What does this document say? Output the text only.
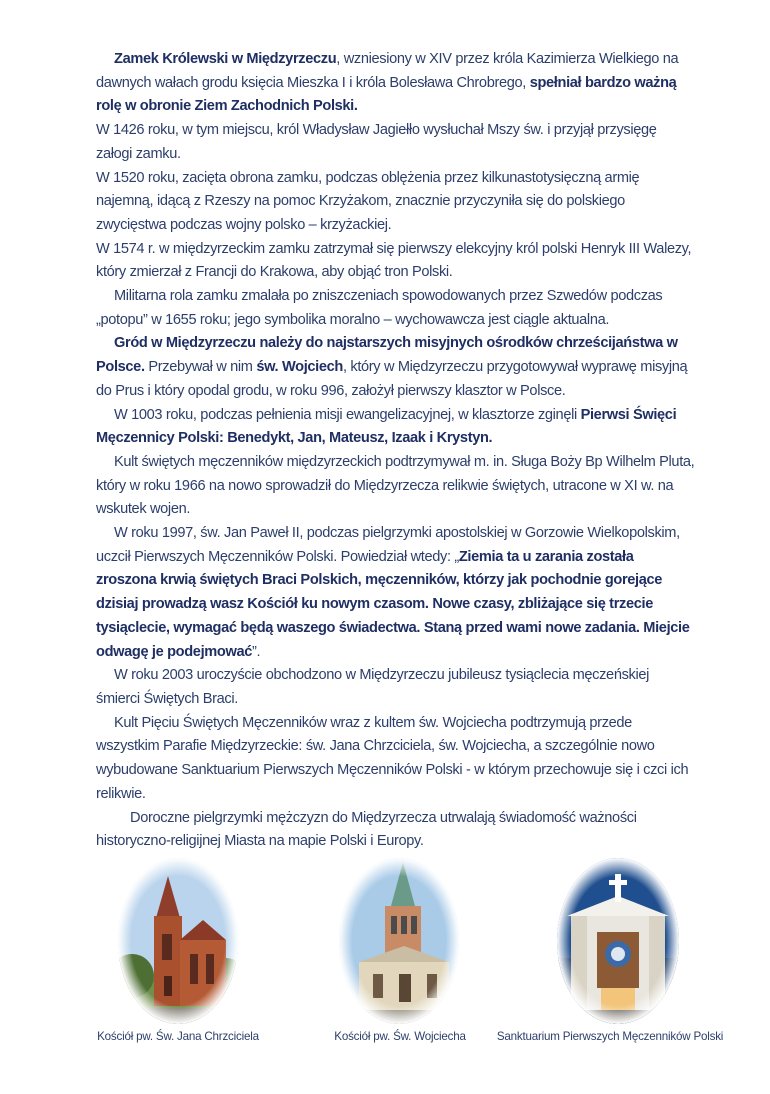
Zamek Królewski w Międzyrzeczu, wzniesiony w XIV przez króla Kazimierza Wielkiego na dawnych wałach grodu księcia Mieszka I i króla Bolesława Chrobrego, spełniał bardzo ważną rolę w obronie Ziem Zachodnich Polski.

W 1426 roku, w tym miejscu, król Władysław Jagiełło wysłuchał Mszy św. i przyjął przysięgę załogi zamku.

W 1520 roku, zacięta obrona zamku, podczas oblężenia przez kilkunastotysięczną armię najemną, idącą z Rzeszy na pomoc Krzyżakom, znacznie przyczyniła się do polskiego zwycięstwa podczas wojny polsko – krzyżackiej.

W 1574 r. w międzyrzeckim zamku zatrzymał się pierwszy elekcyjny król polski Henryk III Walezy, który zmierzał z Francji do Krakowa, aby objąć tron Polski.

Militarna rola zamku zmalała po zniszczeniach spowodowanych przez Szwedów podczas „potopu” w 1655 roku; jego symbolika moralno – wychowawcza jest ciągle aktualna.

Gród w Międzyrzeczu należy do najstarszych misyjnych ośrodków chrześcijaństwa w Polsce. Przebywał w nim św. Wojciech, który w Międzyrzeczu przygotowywał wyprawę misyjną do Prus i który opodal grodu, w roku 996, założył pierwszy klasztor w Polsce.

W 1003 roku, podczas pełnienia misji ewangelizacyjnej, w klasztorze zginęli Pierwsi Święci Męczennicy Polski: Benedykt, Jan, Mateusz, Izaak i Krystyn.

Kult świętych męczenników międzyrzeckich podtrzymywał m. in. Sługa Boży Bp Wilhelm Pluta, który w roku 1966 na nowo sprowadził do Międzyrzecza relikwie świętych, utracone w XI w. na wskutek wojen.

W roku 1997, św. Jan Paweł II, podczas pielgrzymki apostolskiej w Gorzowie Wielkopolskim, uczcił Pierwszych Męczenników Polski. Powiedział wtedy: „Ziemia ta u zarania została zroszona krwią świętych Braci Polskich, męczenników, którzy jak pochodnie gorejące dzisiaj prowadzą wasz Kościół ku nowym czasom. Nowe czasy, zbliżające się trzecie tysiąclecie, wymagać będą waszego świadectwa. Staną przed wami nowe zadania. Miejcie odwagę je podejmować”.

W roku 2003 uroczyście obchodzono w Międzyrzeczu jubileusz tysiąclecia męczeńskiej śmierci Świętych Braci.

Kult Pięciu Świętych Męczenników wraz z kultem św. Wojciecha podtrzymują przede wszystkim Parafie Międzyrzeckie: św. Jana Chrzciciela, św. Wojciecha, a szczególnie nowo wybudowane Sanktuarium Pierwszych Męczenników Polski - w którym przechowuje się i czci ich relikwie.

Doroczne pielgrzymki mężczyzn do Międzyrzecza utrwalają świadomość ważności historyczno-religijnej Miasta na mapie Polski i Europy.

Kościół pw. Św. Jana Chrzciciela	Kościół pw. Św. Wojciecha	Sanktuarium Pierwszych Męczenników Polski
